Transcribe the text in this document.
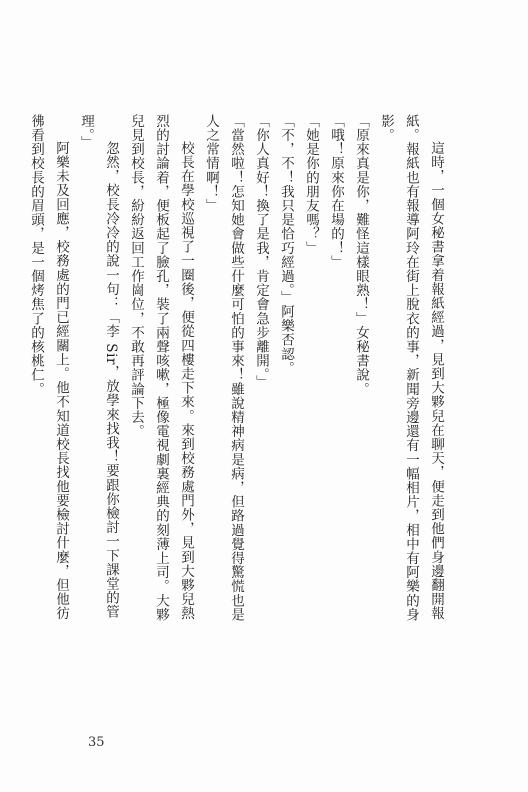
這時，一個女秘書拿着報紙經過，見到大夥兒在聊天，便走到他們身邊翻開報紙。報紙也有報導阿玲在街上脫衣的事，新聞旁邊還有一幅相片，相中有阿樂的身影。

「原來真是你，難怪這樣眼熟！」女秘書說。

「哦！原來你在場的！」

「她是你的朋友嗎？」

「不，不！我只是恰巧經過。」阿樂否認。

「你人真好！換了是我，肯定會急步離開。」

「當然啦！怎知她會做些什麼可怕的事來！雖說精神病是病，但路過覺得驚慌也是人之常情啊！」

校長在學校巡視了一圈後，便從四樓走下來。來到校務處門外，見到大夥兒熱烈的討論着，便板起了臉孔，裝了兩聲咳嗽，極像電視劇裏經典的刻薄上司。大夥兒見到校長，紛紛返回工作崗位，不敢再評論下去。

忽然，校長冷冷的說一句：「李 Sir，放學來找我！要跟你檢討一下課堂的管理。」

阿樂未及回應，校務處的門已經關上。他不知道校長找他要檢討什麼，但他彷彿看到校長的眉頭，是一個烤焦了的核桃仁。

35
